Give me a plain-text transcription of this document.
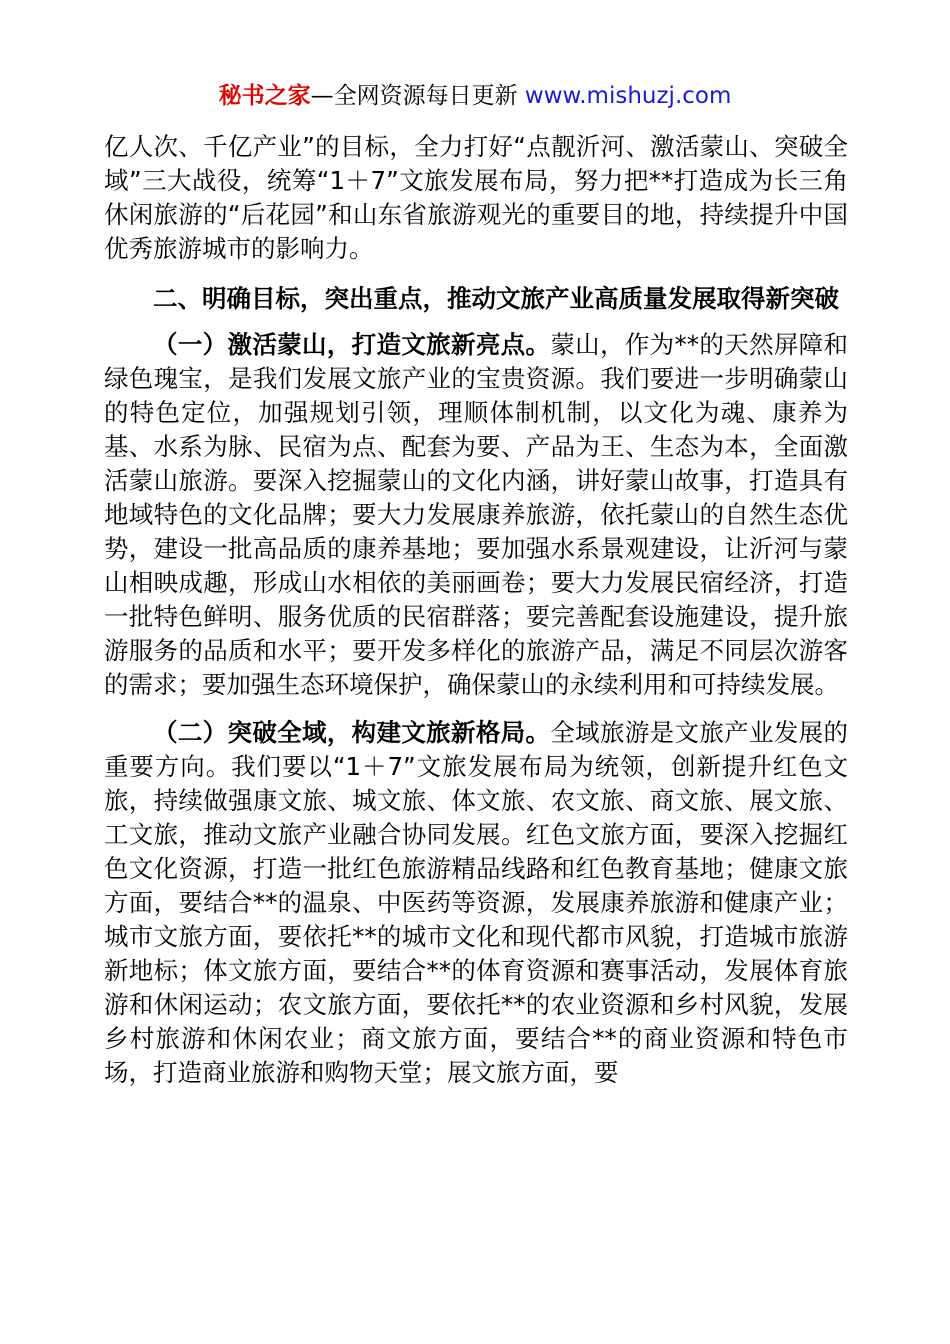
秘书之家—全网资源每日更新 www.mishuzj.com

亿人次、千亿产业”的目标，全力打好“点靓沂河、激活蒙山、突破全域”三大战役，统筹“1＋7”文旅发展布局，努力把**打造成为长三角休闲旅游的“后花园”和山东省旅游观光的重要目的地，持续提升中国优秀旅游城市的影响力。

二、明确目标，突出重点，推动文旅产业高质量发展取得新突破

（一）激活蒙山，打造文旅新亮点。蒙山，作为**的天然屏障和绿色瑰宝，是我们发展文旅产业的宝贵资源。我们要进一步明确蒙山的特色定位，加强规划引领，理顺体制机制，以文化为魂、康养为基、水系为脉、民宿为点、配套为要、产品为王、生态为本，全面激活蒙山旅游。要深入挖掘蒙山的文化内涵，讲好蒙山故事，打造具有地域特色的文化品牌；要大力发展康养旅游，依托蒙山的自然生态优势，建设一批高品质的康养基地；要加强水系景观建设，让沂河与蒙山相映成趣，形成山水相依的美丽画卷；要大力发展民宿经济，打造一批特色鲜明、服务优质的民宿群落；要完善配套设施建设，提升旅游服务的品质和水平；要开发多样化的旅游产品，满足不同层次游客的需求；要加强生态环境保护，确保蒙山的永续利用和可持续发展。

（二）突破全域，构建文旅新格局。全域旅游是文旅产业发展的重要方向。我们要以“1＋7”文旅发展布局为统领，创新提升红色文旅，持续做强康文旅、城文旅、体文旅、农文旅、商文旅、展文旅、工文旅，推动文旅产业融合协同发展。红色文旅方面，要深入挖掘红色文化资源，打造一批红色旅游精品线路和红色教育基地；健康文旅方面，要结合**的温泉、中医药等资源，发展康养旅游和健康产业；城市文旅方面，要依托**的城市文化和现代都市风貌，打造城市旅游新地标；体文旅方面，要结合**的体育资源和赛事活动，发展体育旅游和休闲运动；农文旅方面，要依托**的农业资源和乡村风貌，发展乡村旅游和休闲农业；商文旅方面，要结合**的商业资源和特色市场，打造商业旅游和购物天堂；展文旅方面，要
